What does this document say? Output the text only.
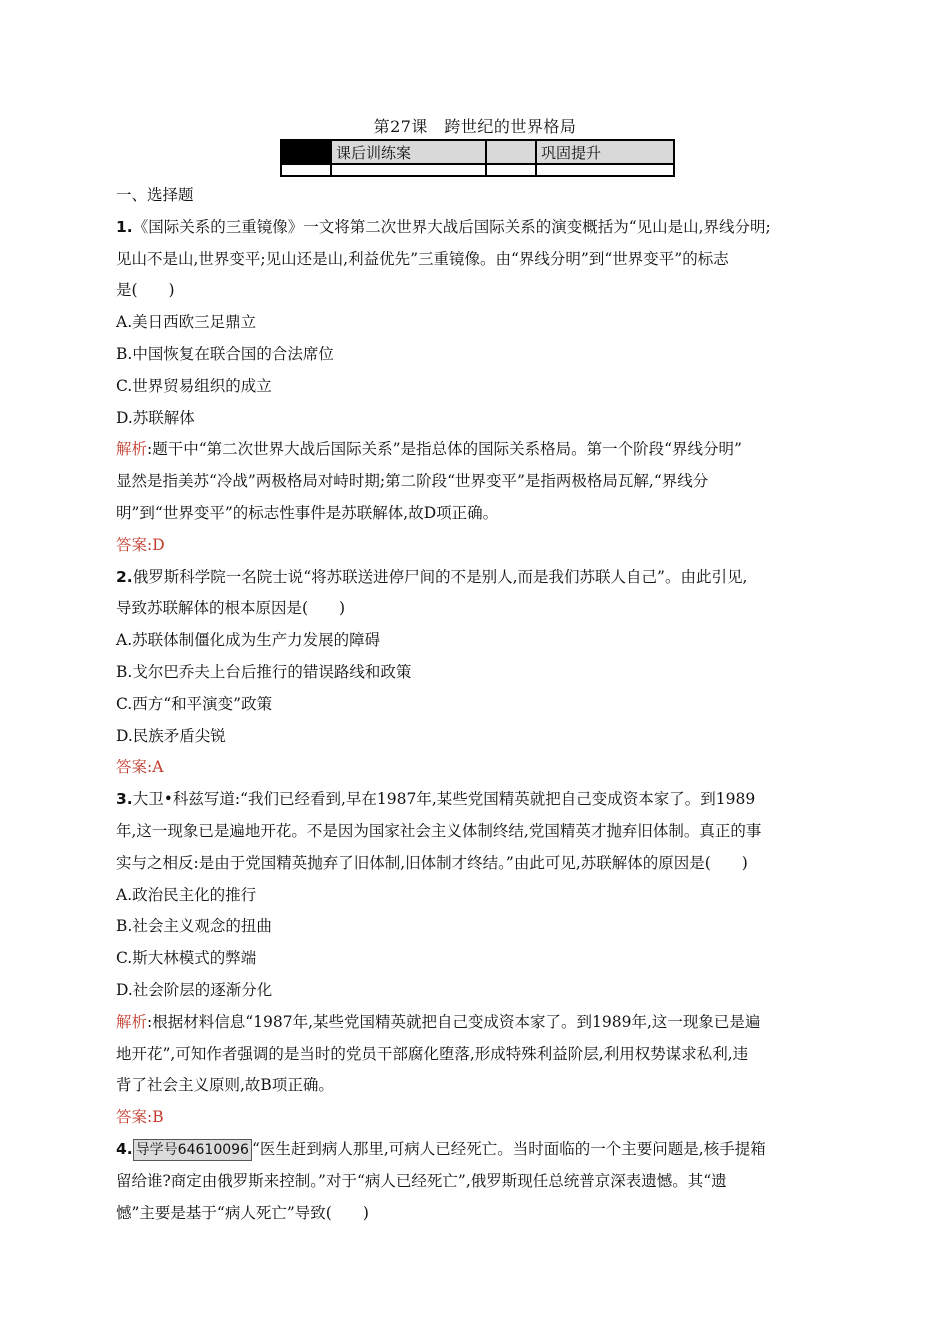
第27课　跨世纪的世界格局
	课后训练案		巩固提升

一、选择题
1.《国际关系的三重镜像》一文将第二次世界大战后国际关系的演变概括为“见山是山,界线分明;
见山不是山,世界变平;见山还是山,利益优先”三重镜像。由“界线分明”到“世界变平”的标志
是(　　)
A.美日西欧三足鼎立
B.中国恢复在联合国的合法席位
C.世界贸易组织的成立
D.苏联解体
解析:题干中“第二次世界大战后国际关系”是指总体的国际关系格局。第一个阶段“界线分明”
显然是指美苏“冷战”两极格局对峙时期;第二阶段“世界变平”是指两极格局瓦解,“界线分
明”到“世界变平”的标志性事件是苏联解体,故D项正确。
答案:D
2.俄罗斯科学院一名院士说“将苏联送进停尸间的不是别人,而是我们苏联人自己”。由此引见,
导致苏联解体的根本原因是(　　)
A.苏联体制僵化成为生产力发展的障碍
B.戈尔巴乔夫上台后推行的错误路线和政策
C.西方“和平演变”政策
D.民族矛盾尖锐
答案:A
3.大卫•科兹写道:“我们已经看到,早在1987年,某些党国精英就把自己变成资本家了。到1989
年,这一现象已是遍地开花。不是因为国家社会主义体制终结,党国精英才抛弃旧体制。真正的事
实与之相反:是由于党国精英抛弃了旧体制,旧体制才终结。”由此可见,苏联解体的原因是(　　)
A.政治民主化的推行
B.社会主义观念的扭曲
C.斯大林模式的弊端
D.社会阶层的逐渐分化
解析:根据材料信息“1987年,某些党国精英就把自己变成资本家了。到1989年,这一现象已是遍
地开花”,可知作者强调的是当时的党员干部腐化堕落,形成特殊利益阶层,利用权势谋求私利,违
背了社会主义原则,故B项正确。
答案:B
4. 导学号64610096 “医生赶到病人那里,可病人已经死亡。当时面临的一个主要问题是,核手提箱
留给谁?商定由俄罗斯来控制。”对于“病人已经死亡”,俄罗斯现任总统普京深表遗憾。其“遗
憾”主要是基于“病人死亡”导致(　　)
